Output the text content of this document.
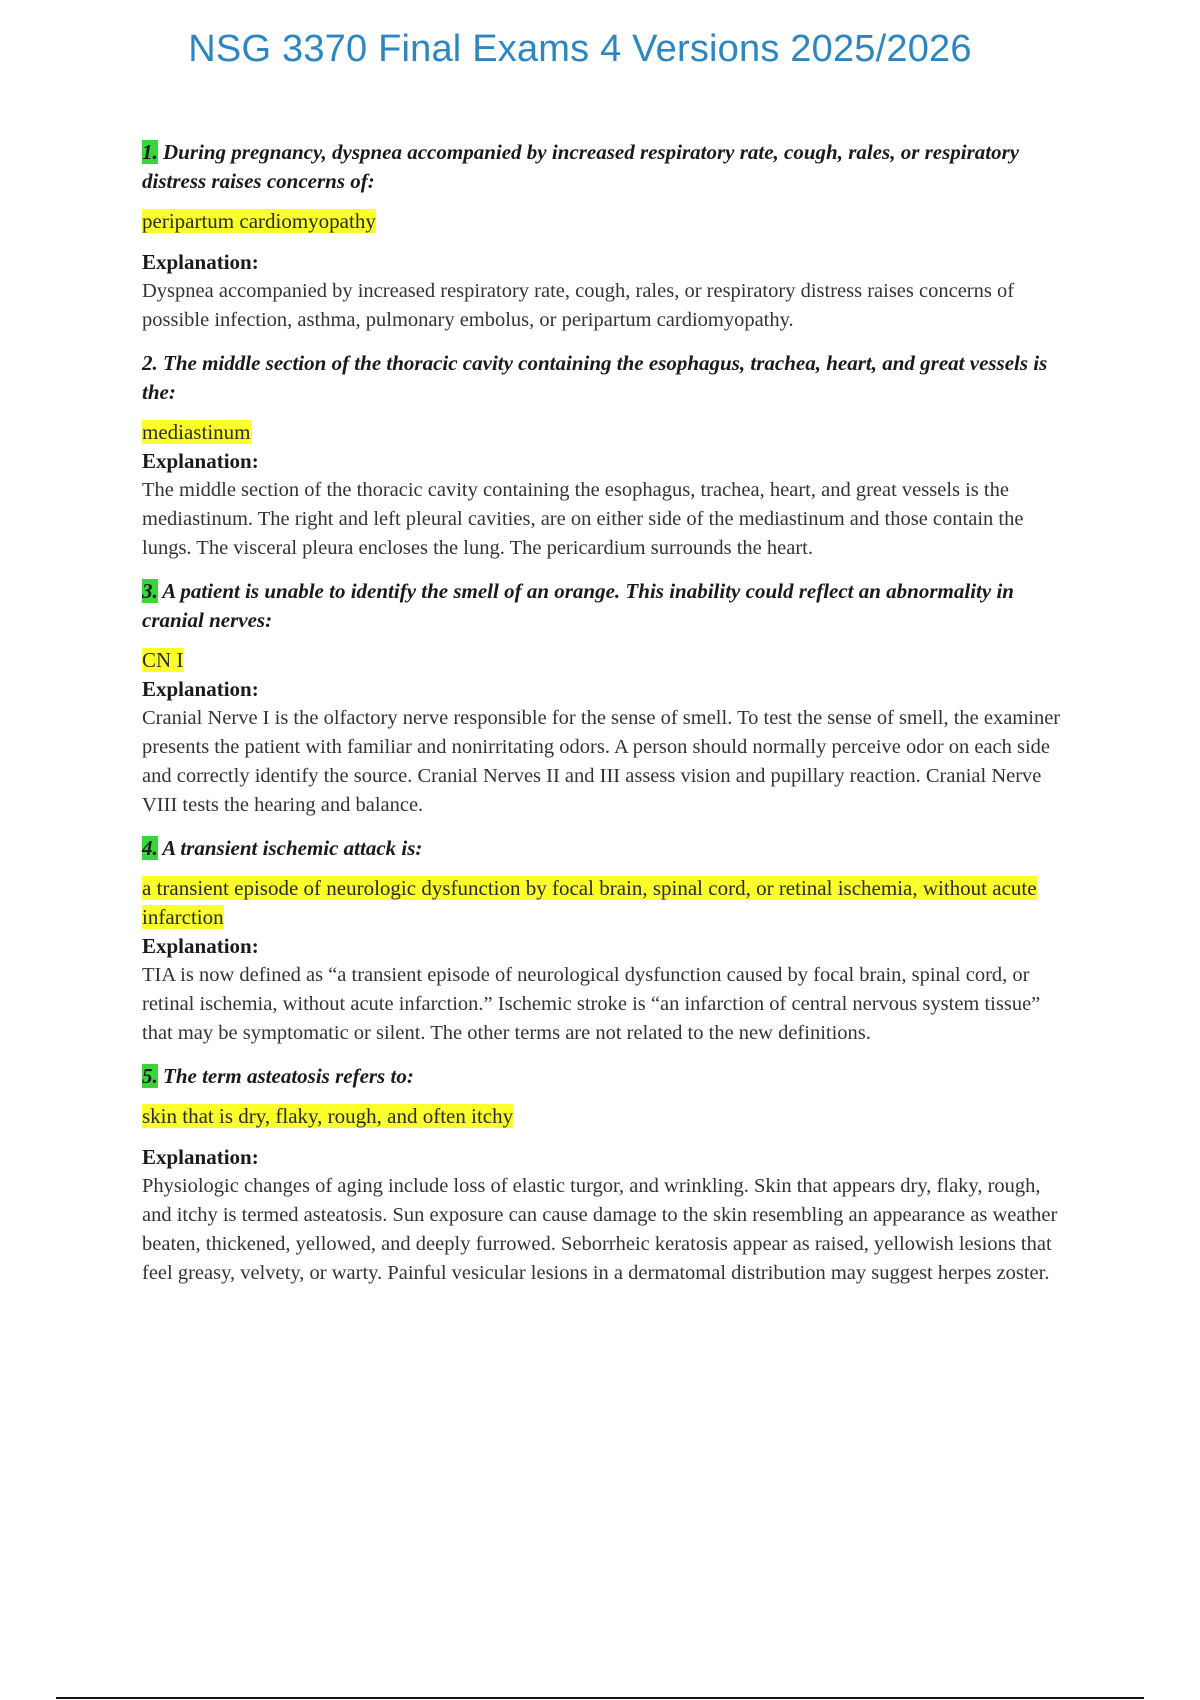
NSG 3370 Final Exams 4 Versions 2025/2026
1. During pregnancy, dyspnea accompanied by increased respiratory rate, cough, rales, or respiratory distress raises concerns of:
peripartum cardiomyopathy
Explanation:
Dyspnea accompanied by increased respiratory rate, cough, rales, or respiratory distress raises concerns of possible infection, asthma, pulmonary embolus, or peripartum cardiomyopathy.
2. The middle section of the thoracic cavity containing the esophagus, trachea, heart, and great vessels is the:
mediastinum
Explanation:
The middle section of the thoracic cavity containing the esophagus, trachea, heart, and great vessels is the mediastinum. The right and left pleural cavities, are on either side of the mediastinum and those contain the lungs. The visceral pleura encloses the lung. The pericardium surrounds the heart.
3. A patient is unable to identify the smell of an orange. This inability could reflect an abnormality in cranial nerves:
CN I
Explanation:
Cranial Nerve I is the olfactory nerve responsible for the sense of smell. To test the sense of smell, the examiner presents the patient with familiar and nonirritating odors. A person should normally perceive odor on each side and correctly identify the source. Cranial Nerves II and III assess vision and pupillary reaction. Cranial Nerve VIII tests the hearing and balance.
4. A transient ischemic attack is:
a transient episode of neurologic dysfunction by focal brain, spinal cord, or retinal ischemia, without acute infarction
Explanation:
TIA is now defined as “a transient episode of neurological dysfunction caused by focal brain, spinal cord, or retinal ischemia, without acute infarction.” Ischemic stroke is “an infarction of central nervous system tissue” that may be symptomatic or silent. The other terms are not related to the new definitions.
5. The term asteatosis refers to:
skin that is dry, flaky, rough, and often itchy
Explanation:
Physiologic changes of aging include loss of elastic turgor, and wrinkling. Skin that appears dry, flaky, rough, and itchy is termed asteatosis. Sun exposure can cause damage to the skin resembling an appearance as weather beaten, thickened, yellowed, and deeply furrowed. Seborrheic keratosis appear as raised, yellowish lesions that feel greasy, velvety, or warty. Painful vesicular lesions in a dermatomal distribution may suggest herpes zoster.
